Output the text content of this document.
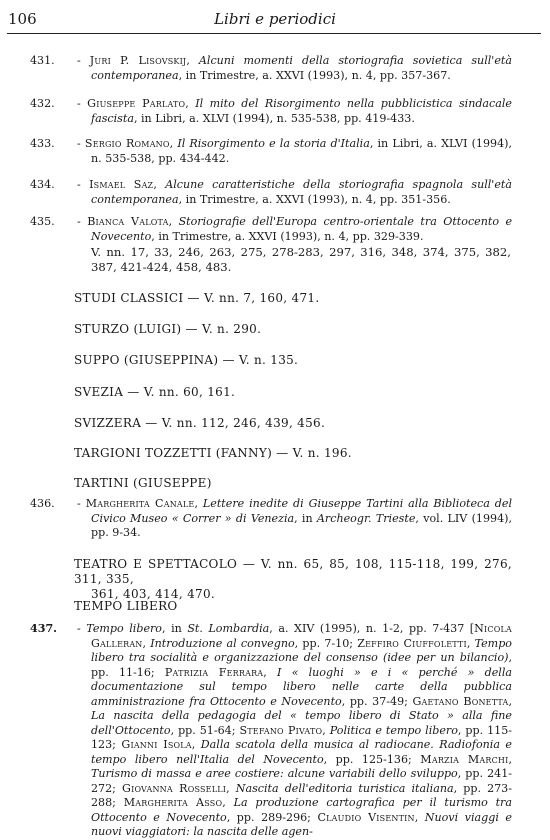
106	Libri e periodici
431.	- Juri P. Lisovskij, Alcuni momenti della storiografia sovietica sull'età contemporanea, in Trimestre, a. XXVI (1993), n. 4, pp. 357-367.
432.	- Giuseppe Parlato, Il mito del Risorgimento nella pubblicistica sindacale fascista, in Libri, a. XLVI (1994), n. 535-538, pp. 419-433.
433.	- Sergio Romano, Il Risorgimento e la storia d'Italia, in Libri, a. XLVI (1994), n. 535-538, pp. 434-442.
434.	- Ismael Saz, Alcune caratteristiche della storiografia spagnola sull'età contemporanea, in Trimestre, a. XXVI (1993), n. 4, pp. 351-356.
435.	- Bianca Valota, Storiografie dell'Europa centro-orientale tra Ottocento e Novecento, in Trimestre, a. XXVI (1993), n. 4, pp. 329-339.
V. nn. 17, 33, 246, 263, 275, 278-283, 297, 316, 348, 374, 375, 382, 387, 421-424, 458, 483.
STUDI CLASSICI — V. nn. 7, 160, 471.
STURZO (LUIGI) — V. n. 290.
SUPPO (GIUSEPPINA) — V. n. 135.
SVEZIA — V. nn. 60, 161.
SVIZZERA — V. nn. 112, 246, 439, 456.
TARGIONI TOZZETTI (FANNY) — V. n. 196.
TARTINI (GIUSEPPE)
436.	- Margherita Canale, Lettere inedite di Giuseppe Tartini alla Biblioteca del Civico Museo « Correr » di Venezia, in Archeogr. Triestе, vol. LIV (1994), pp. 9-34.
TEATRO E SPETTACOLO — V. nn. 65, 85, 108, 115-118, 199, 276, 311, 335,
361, 403, 414, 470.
TEMPO LIBERO
437.	- Tempo libero, in St. Lombardia, a. XIV (1995), n. 1-2, pp. 7-437 [Nicola Galleran, Introduzione al convegno, pp. 7-10; Zeffiro Ciuffoletti, Tempo libero tra socialità e organizzazione del consenso (idee per un bilancio), pp. 11-16; Patrizia Ferrara, I « luoghi » e i « perché » della documentazione sul tempo libero nelle carte della pubblica amministrazione fra Ottocento e Novecento, pp. 37-49; Gaetano Bonetta, La nascita della pedagogia del « tempo libero di Stato » alla fine dell'Ottocento, pp. 51-64; Stefano Pivato, Politica e tempo libero, pp. 115-123; Gianni Isola, Dalla scatola della musica al radiocane. Radiofonia e tempo libero nell'Italia del Novecento, pp. 125-136; Marzia Marchi, Turismo di massa e aree costiere: alcune variabili dello sviluppo, pp. 241-272; Giovanna Rosselli, Nascita dell'editoria turistica italiana, pp. 273-288; Margherita Asso, La produzione cartografica per il turismo tra Ottocento e Novecento, pp. 289-296; Claudio Visentin, Nuovi viaggi e nuovi viaggiatori: la nascita delle agen-
